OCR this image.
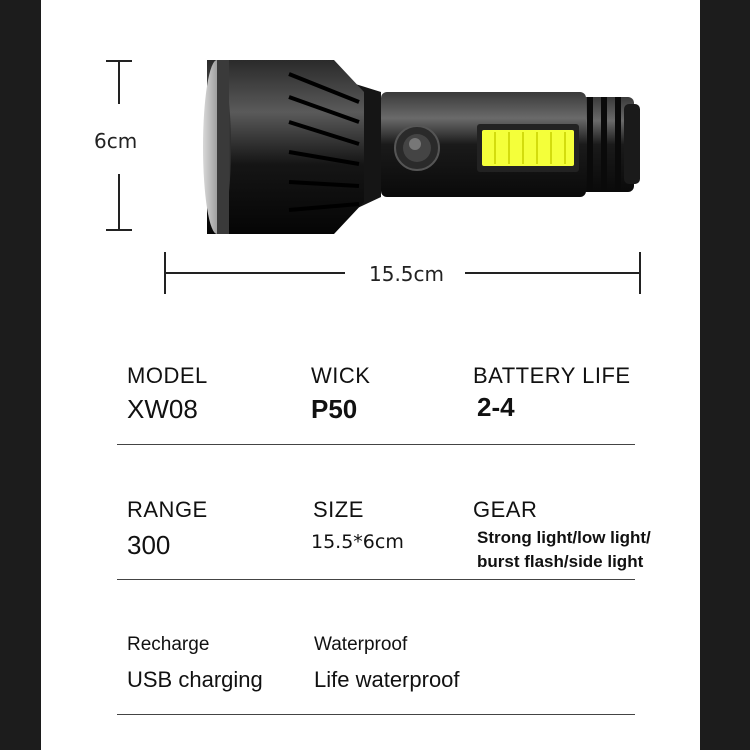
6cm
15.5cm
MODEL
XW08
WICK
P50
BATTERY LIFE
2-4
RANGE
300
SIZE
15.5*6cm
GEAR
Strong light/low light/
burst flash/side light
Recharge
USB charging
Waterproof
Life waterproof
